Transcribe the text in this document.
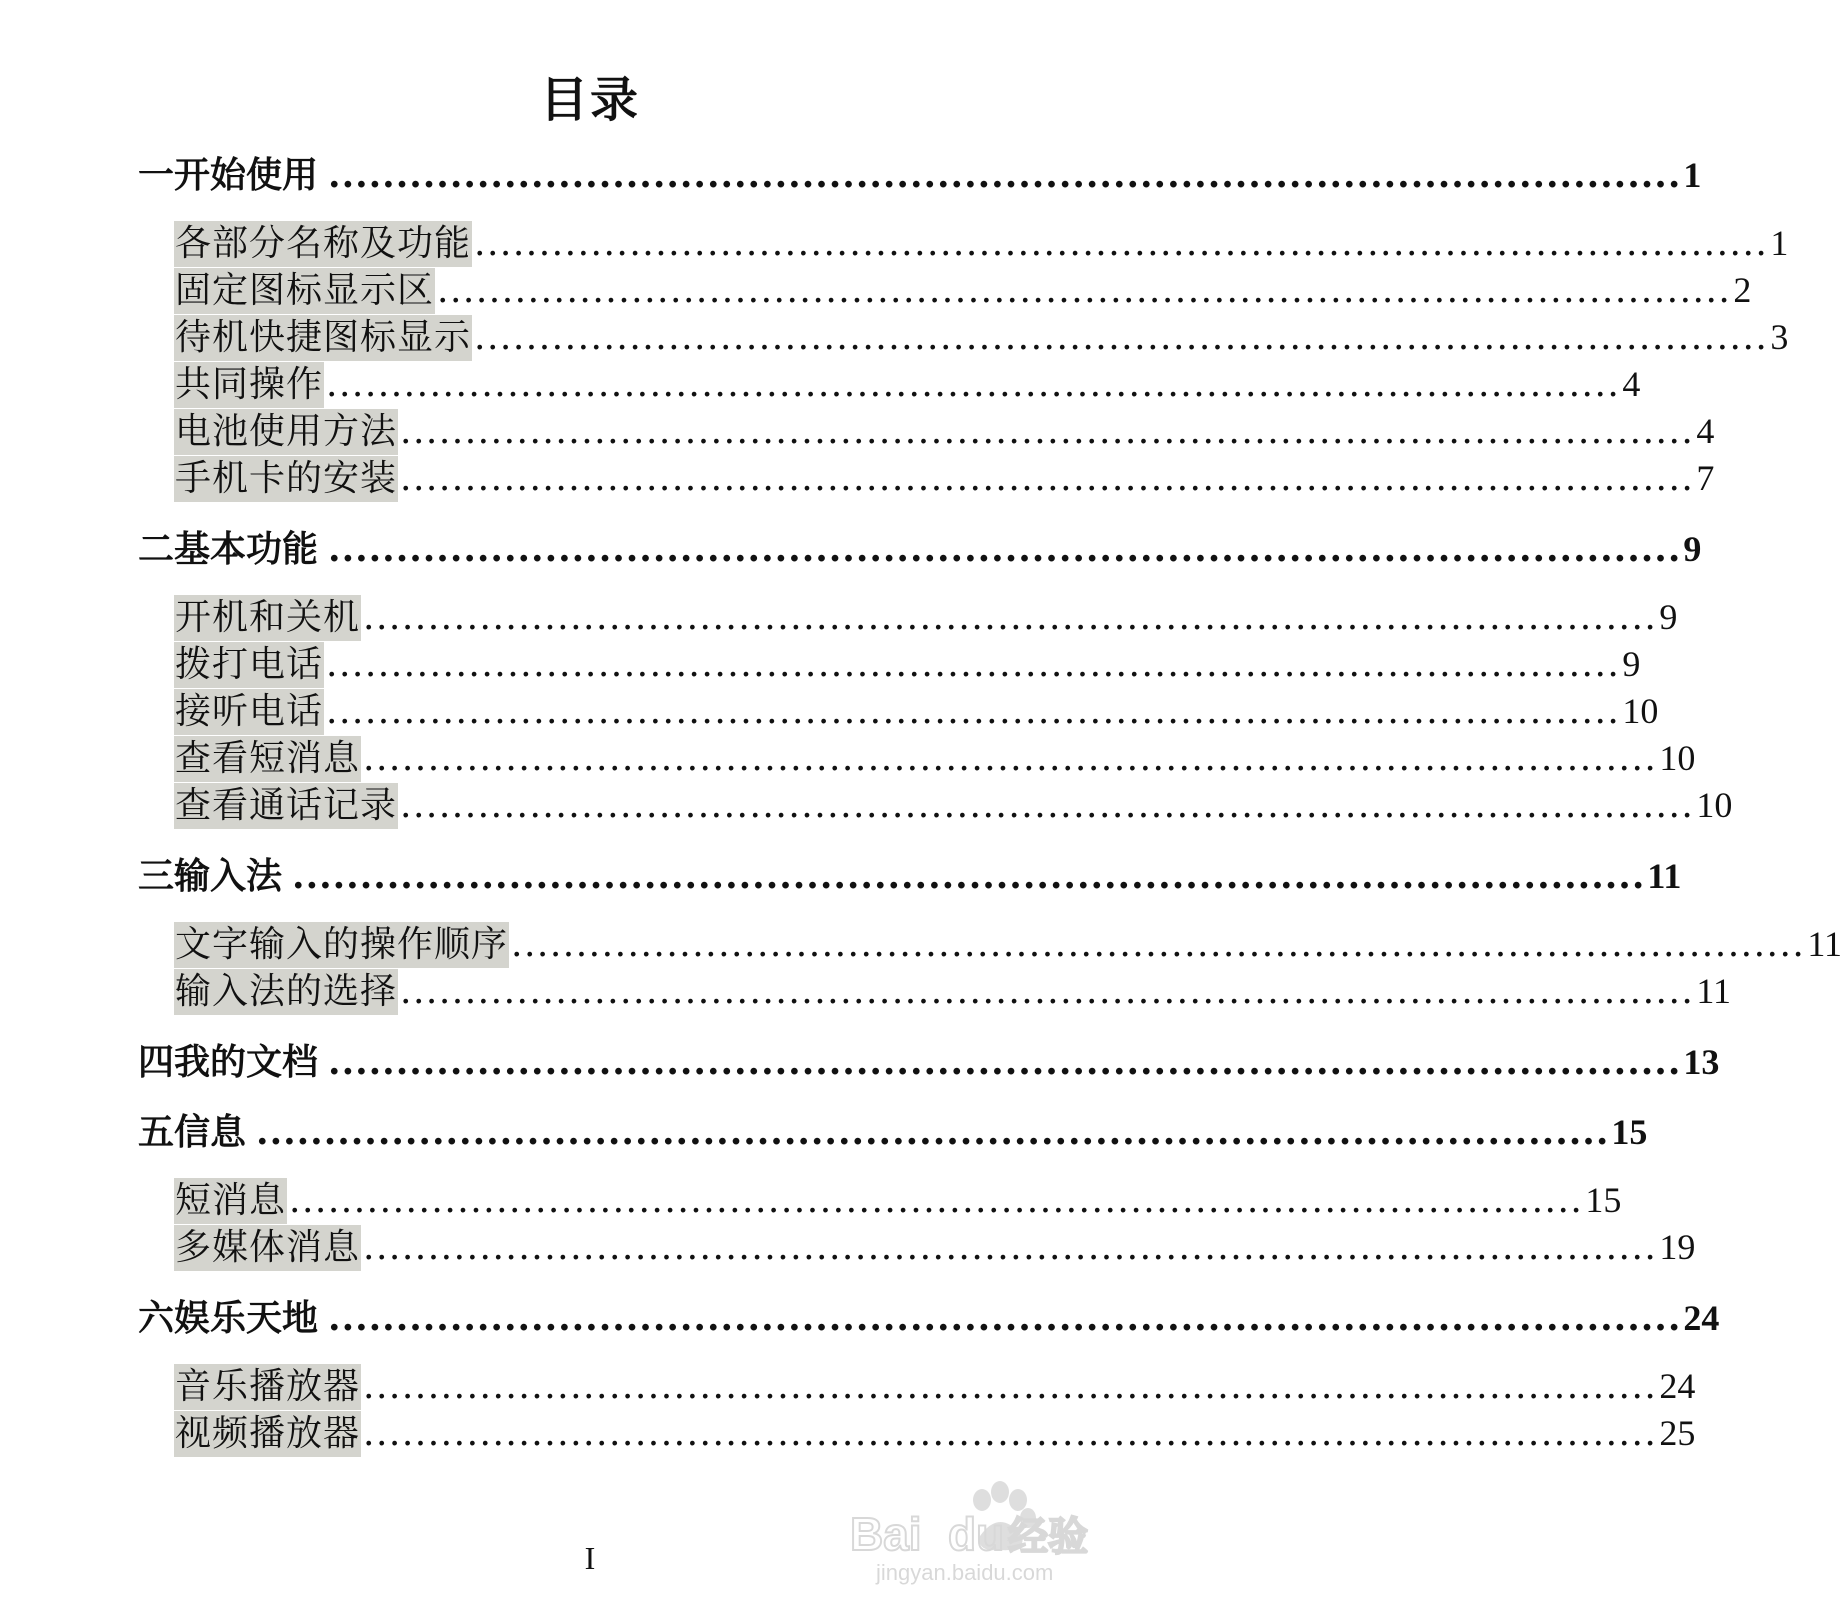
目录
一 开始使用 .................................................................................................... 1
各部分名称及功能 .................................................................................................... 1
固定图标显示区 .................................................................................................... 2
待机快捷图标显示 .................................................................................................... 3
共同操作 .................................................................................................... 4
电池使用方法 .................................................................................................... 4
手机卡的安装 .................................................................................................... 7
二 基本功能 .................................................................................................... 9
开机和关机 .................................................................................................... 9
拨打电话 .................................................................................................... 9
接听电话 .................................................................................................... 10
查看短消息 .................................................................................................... 10
查看通话记录 .................................................................................................... 10
三 输入法 .................................................................................................... 11
文字输入的操作顺序 .................................................................................................... 11
输入法的选择 .................................................................................................... 11
四 我的文档 .................................................................................................... 13
五 信息 .................................................................................................... 15
短消息 .................................................................................................... 15
多媒体消息 .................................................................................................... 19
六 娱乐天地 .................................................................................................... 24
音乐播放器 .................................................................................................... 24
视频播放器 .................................................................................................... 25
I	Bai du 经验
jingyan.baidu.com
